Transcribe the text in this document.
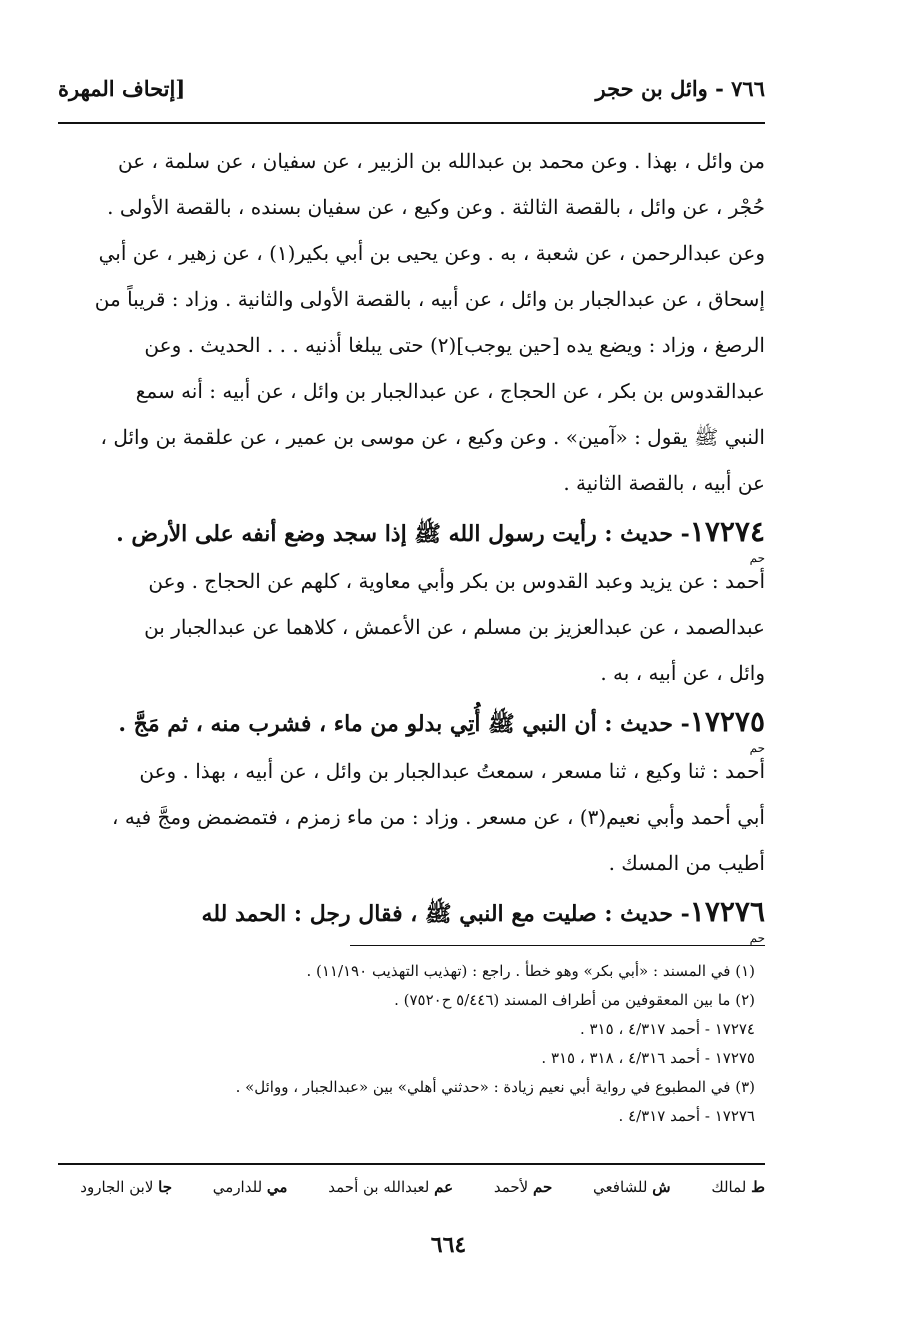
٧٦٦ - وائل بن حجر
[إتحاف المهرة
من وائل ، بهذا . وعن محمد بن عبدالله بن الزبير ، عن سفيان ، عن سلمة ، عن
حُجْر ، عن وائل ، بالقصة الثالثة . وعن وكيع ، عن سفيان بسنده ، بالقصة الأولى .
وعن عبدالرحمن ، عن شعبة ، به . وعن يحيى بن أبي بكير(١) ، عن زهير ، عن أبي
إسحاق ، عن عبدالجبار بن وائل ، عن أبيه ، بالقصة الأولى والثانية . وزاد : قريباً من
الرصغ ، وزاد : ويضع يده [حين يوجب](٢) حتى يبلغا أذنيه . . . الحديث . وعن
عبدالقدوس بن بكر ، عن الحجاج ، عن عبدالجبار بن وائل ، عن أبيه : أنه سمع
النبي ﷺ يقول : «آمين» . وعن وكيع ، عن موسى بن عمير ، عن علقمة بن وائل ،
عن أبيه ، بالقصة الثانية .
١٧٢٧٤- حديث : رأيت رسول الله ﷺ إذا سجد وضع أنفه على الأرض .
حم
أحمد : عن يزيد وعبد القدوس بن بكر وأبي معاوية ، كلهم عن الحجاج . وعن
عبدالصمد ، عن عبدالعزيز بن مسلم ، عن الأعمش ، كلاهما عن عبدالجبار بن
وائل ، عن أبيه ، به .
١٧٢٧٥- حديث : أن النبي ﷺ أُتِي بدلو من ماء ، فشرب منه ، ثم مَجَّ .
حم
أحمد : ثنا وكيع ، ثنا مسعر ، سمعتُ عبدالجبار بن وائل ، عن أبيه ، بهذا . وعن
أبي أحمد وأبي نعيم(٣) ، عن مسعر . وزاد : من ماء زمزم ، فتمضمض ومجَّ فيه ،
أطيب من المسك .
١٧٢٧٦- حديث : صليت مع النبي ﷺ ، فقال رجل : الحمد لله
حم
(١) في المسند : «أبي بكر» وهو خطأ . راجع : (تهذيب التهذيب ١١/١٩٠) .
(٢) ما بين المعقوفين من أطراف المسند (٥/٤٤٦ ح٧٥٢٠) .
١٧٢٧٤ - أحمد ٤/٣١٧ ، ٣١٥ .
١٧٢٧٥ - أحمد ٤/٣١٦ ، ٣١٨ ، ٣١٥ .
(٣) في المطبوع في رواية أبي نعيم زيادة : «حدثني أهلي» بين «عبدالجبار ، ووائل» .
١٧٢٧٦ - أحمد ٤/٣١٧ .
ط لمالك ش للشافعي حم لأحمد عم لعبدالله بن أحمد مي للدارمي جا لابن الجارود
٦٦٤
